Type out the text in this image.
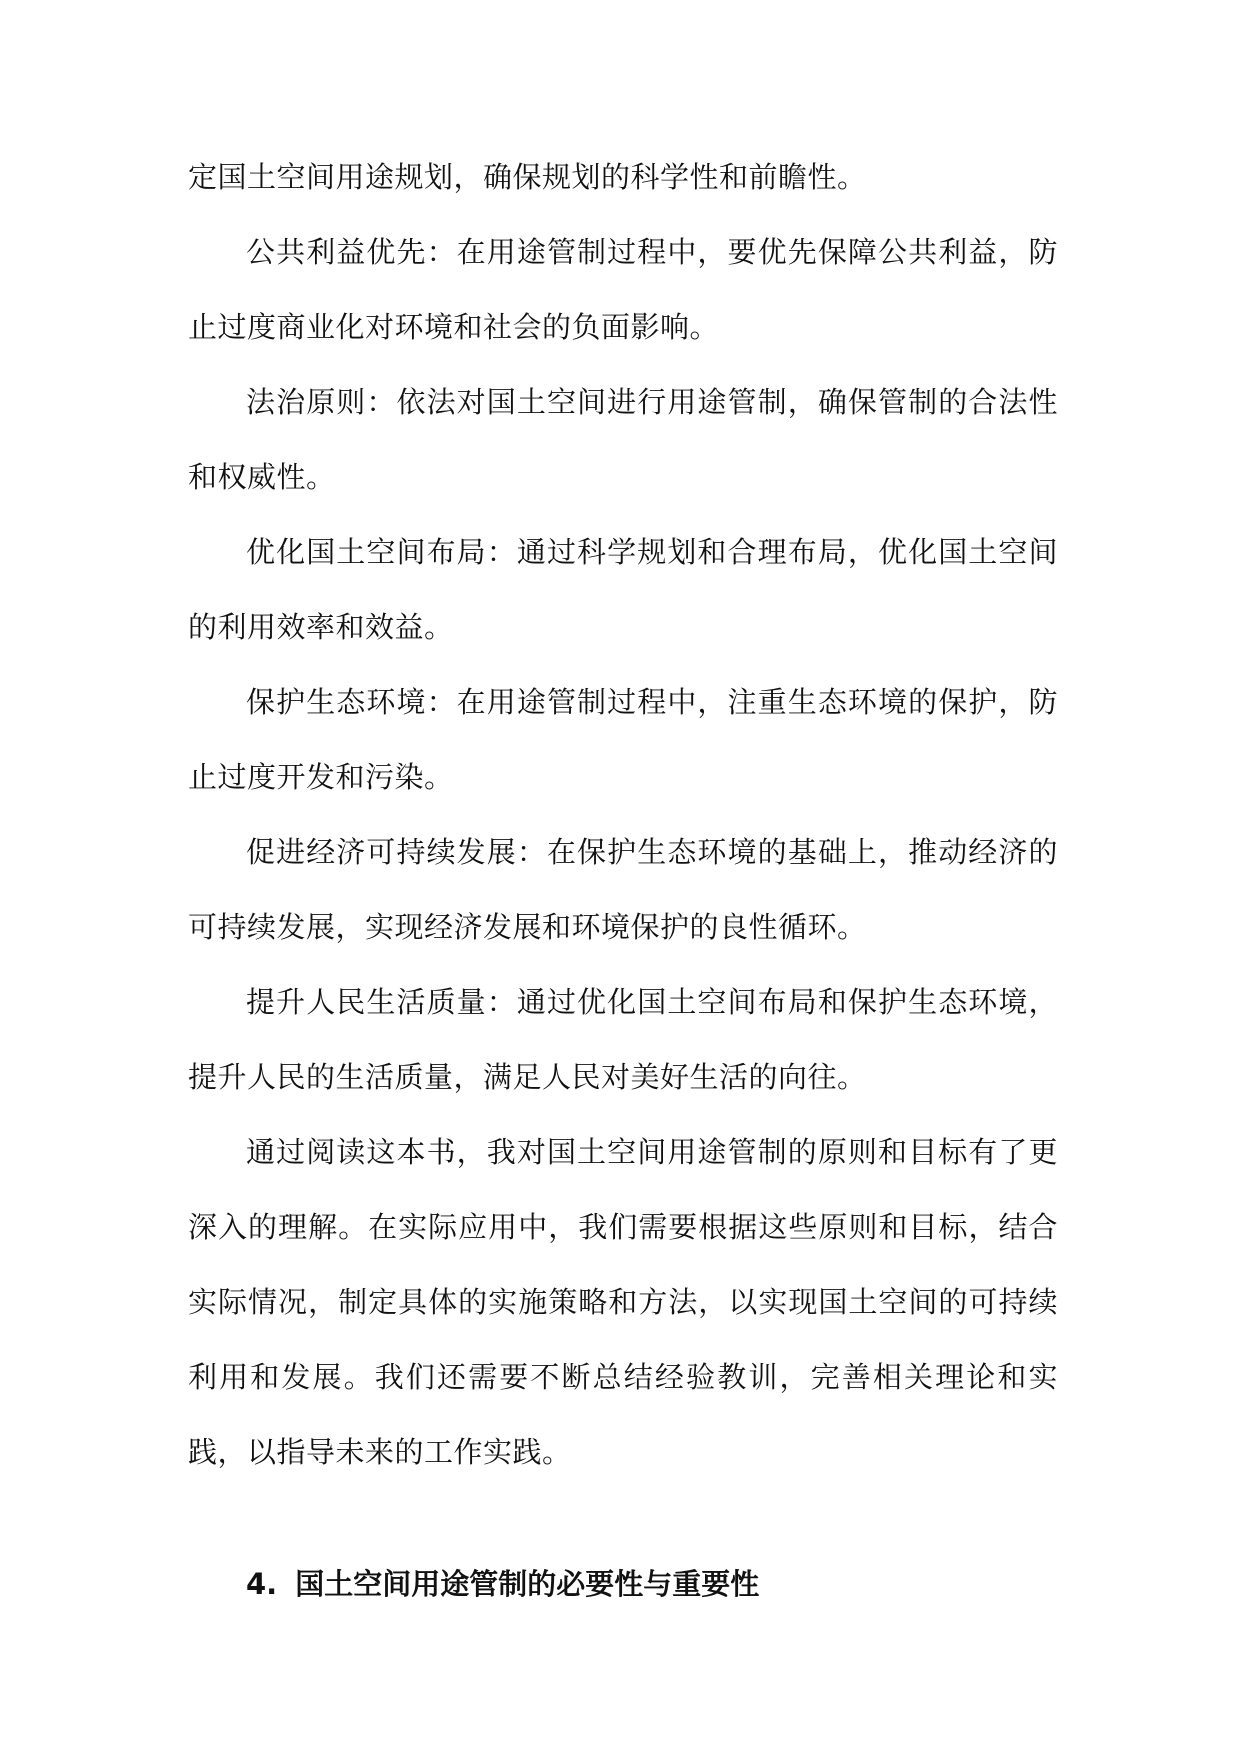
定国土空间用途规划，确保规划的科学性和前瞻性。

公共利益优先：在用途管制过程中，要优先保障公共利益，防止过度商业化对环境和社会的负面影响。

法治原则：依法对国土空间进行用途管制，确保管制的合法性和权威性。

优化国土空间布局：通过科学规划和合理布局，优化国土空间的利用效率和效益。

保护生态环境：在用途管制过程中，注重生态环境的保护，防止过度开发和污染。

促进经济可持续发展：在保护生态环境的基础上，推动经济的可持续发展，实现经济发展和环境保护的良性循环。

提升人民生活质量：通过优化国土空间布局和保护生态环境，提升人民的生活质量，满足人民对美好生活的向往。

通过阅读这本书，我对国土空间用途管制的原则和目标有了更深入的理解。在实际应用中，我们需要根据这些原则和目标，结合实际情况，制定具体的实施策略和方法，以实现国土空间的可持续利用和发展。我们还需要不断总结经验教训，完善相关理论和实践，以指导未来的工作实践。

4. 国土空间用途管制的必要性与重要性
